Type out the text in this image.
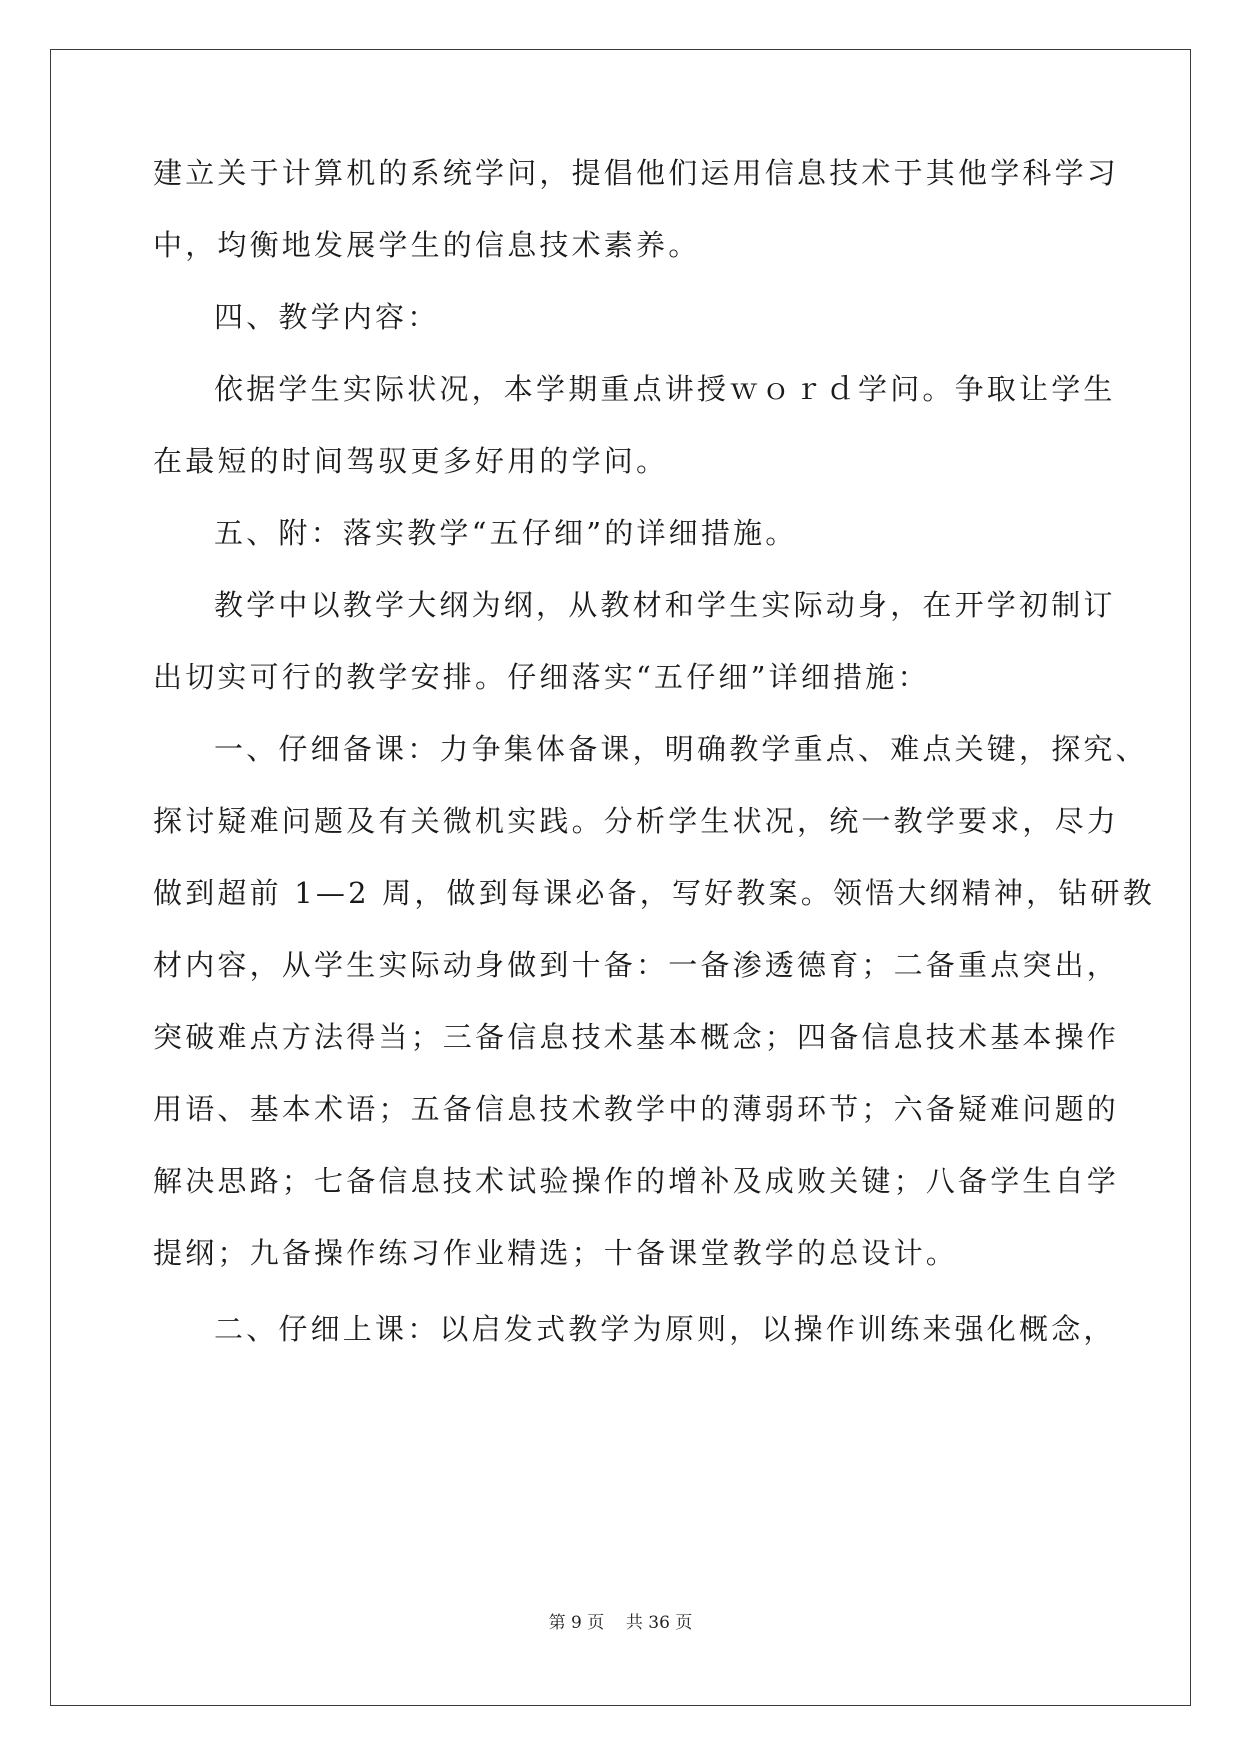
建立关于计算机的系统学问，提倡他们运用信息技术于其他学科学习
中，均衡地发展学生的信息技术素养。
四、教学内容：
依据学生实际状况，本学期重点讲授ｗｏｒｄ学问。争取让学生
在最短的时间驾驭更多好用的学问。
五、附：落实教学“五仔细”的详细措施。
教学中以教学大纲为纲，从教材和学生实际动身，在开学初制订
出切实可行的教学安排。仔细落实“五仔细”详细措施：
一、仔细备课：力争集体备课，明确教学重点、难点关键，探究、
探讨疑难问题及有关微机实践。分析学生状况，统一教学要求，尽力
做到超前 1—2 周，做到每课必备，写好教案。领悟大纲精神，钻研教
材内容，从学生实际动身做到十备：一备渗透德育；二备重点突出，
突破难点方法得当；三备信息技术基本概念；四备信息技术基本操作
用语、基本术语；五备信息技术教学中的薄弱环节；六备疑难问题的
解决思路；七备信息技术试验操作的增补及成败关键；八备学生自学
提纲；九备操作练习作业精选；十备课堂教学的总设计。
二、仔细上课：以启发式教学为原则，以操作训练来强化概念，
第 9 页    共 36 页
